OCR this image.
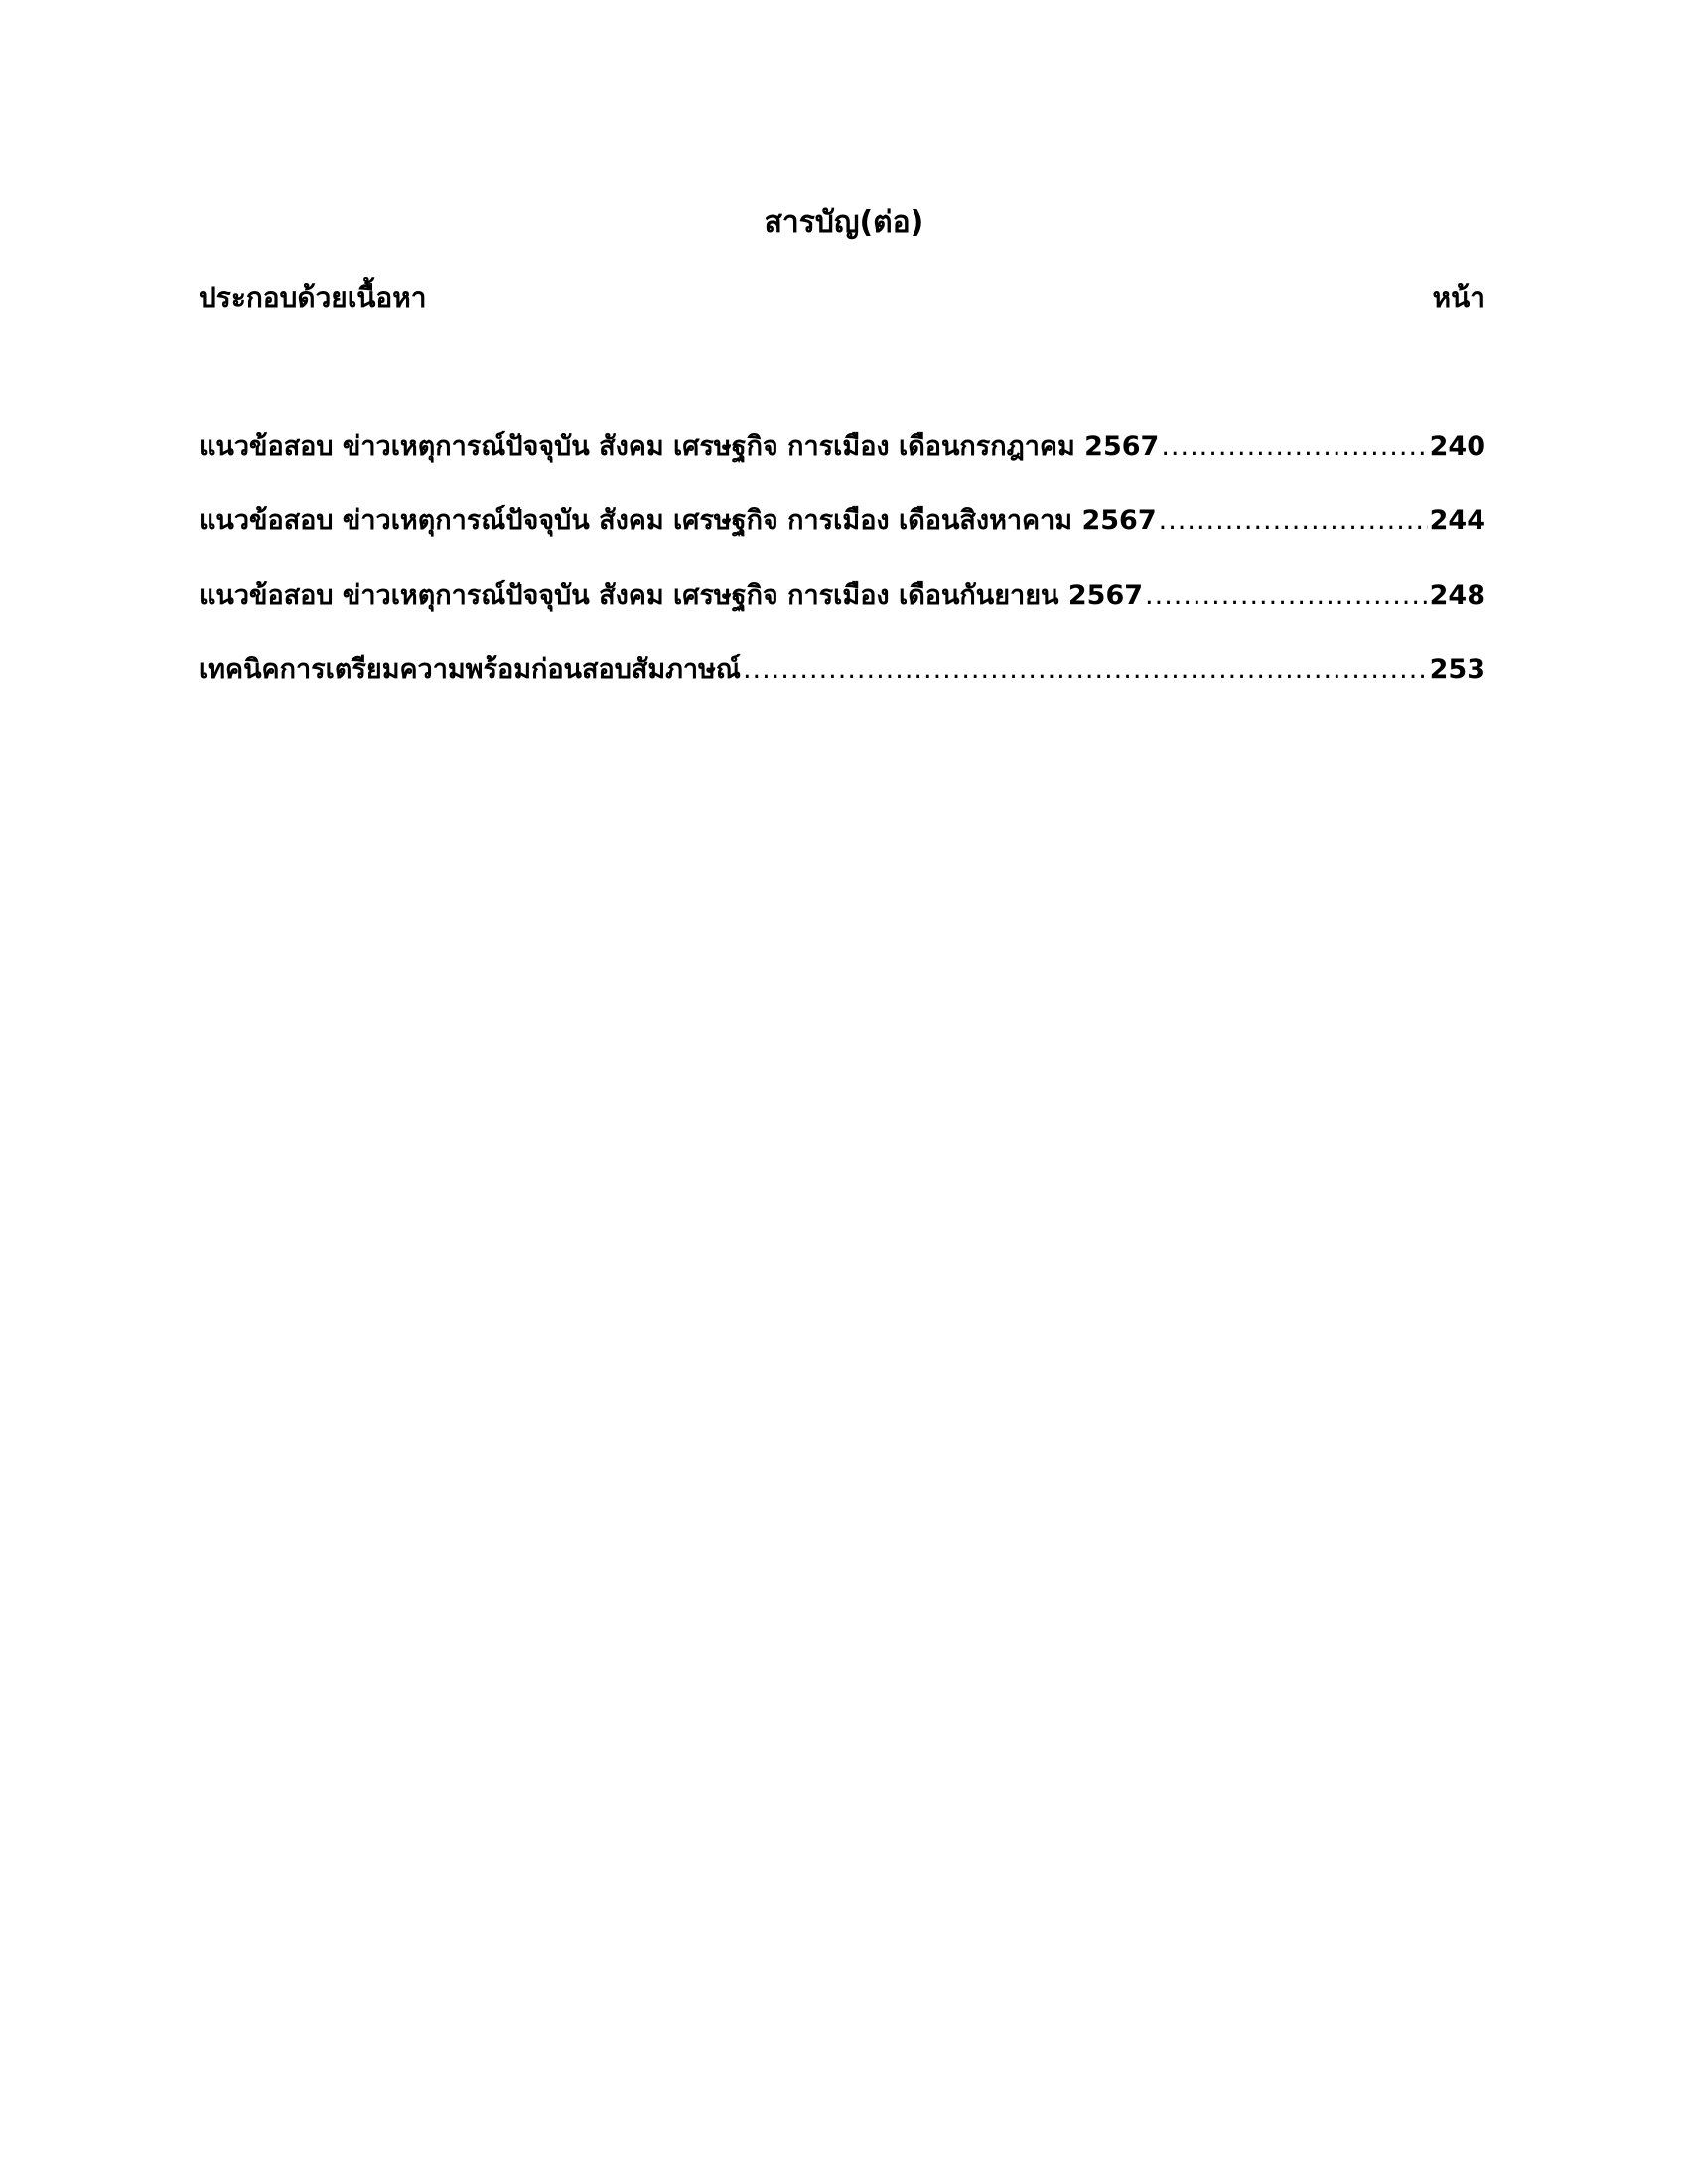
สารบัญ(ต่อ)
ประกอบด้วยเนื้อหา	หน้า
แนวข้อสอบ ข่าวเหตุการณ์ปัจจุบัน สังคม เศรษฐกิจ การเมือง เดือนกรกฎาคม 2567 .....	240
แนวข้อสอบ ข่าวเหตุการณ์ปัจจุบัน สังคม เศรษฐกิจ การเมือง เดือนสิงหาคาม 2567 .....	244
แนวข้อสอบ ข่าวเหตุการณ์ปัจจุบัน สังคม เศรษฐกิจ การเมือง เดือนกันยายน 2567 .....	248
เทคนิคการเตรียมความพร้อมก่อนสอบสัมภาษณ์ .....	253
